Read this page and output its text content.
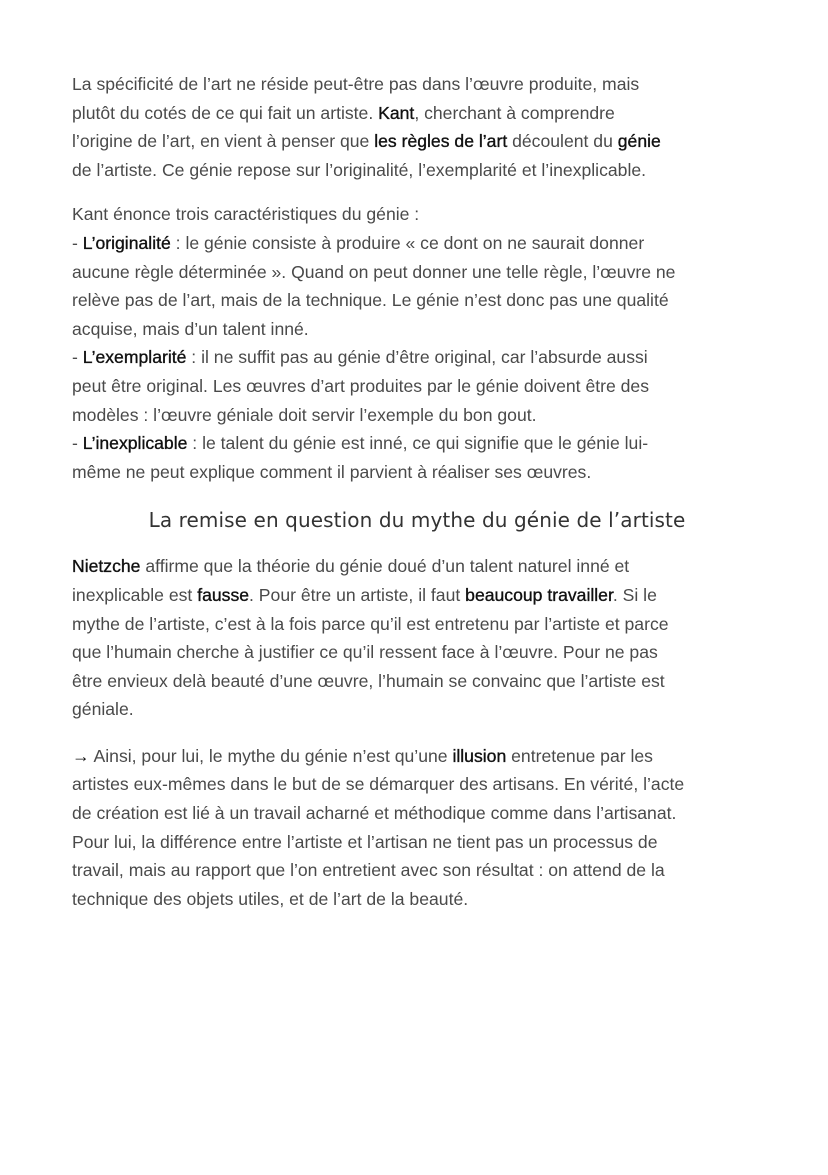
La spécificité de l’art ne réside peut-être pas dans l’œuvre produite, mais
plutôt du cotés de ce qui fait un artiste. Kant, cherchant à comprendre
l’origine de l’art, en vient à penser que les règles de l’art découlent du génie
de l’artiste. Ce génie repose sur l’originalité, l’exemplarité et l’inexplicable.

Kant énonce trois caractéristiques du génie :

- L’originalité : le génie consiste à produire « ce dont on ne saurait donner
aucune règle déterminée ». Quand on peut donner une telle règle, l’œuvre ne
relève pas de l’art, mais de la technique. Le génie n’est donc pas une qualité
acquise, mais d’un talent inné.

- L’exemplarité : il ne suffit pas au génie d’être original, car l’absurde aussi
peut être original. Les œuvres d’art produites par le génie doivent être des
modèles : l’œuvre géniale doit servir l’exemple du bon gout.

- L’inexplicable : le talent du génie est inné, ce qui signifie que le génie lui-
même ne peut explique comment il parvient à réaliser ses œuvres.

La remise en question du mythe du génie de l’artiste

Nietzche affirme que la théorie du génie doué d’un talent naturel inné et
inexplicable est fausse. Pour être un artiste, il faut beaucoup travailler. Si le
mythe de l’artiste, c’est à la fois parce qu’il est entretenu par l’artiste et parce
que l’humain cherche à justifier ce qu’il ressent face à l’œuvre. Pour ne pas
être envieux delà beauté d’une œuvre, l’humain se convainc que l’artiste est
géniale.

→ Ainsi, pour lui, le mythe du génie n’est qu’une illusion entretenue par les
artistes eux-mêmes dans le but de se démarquer des artisans. En vérité, l’acte
de création est lié à un travail acharné et méthodique comme dans l’artisanat.
Pour lui, la différence entre l’artiste et l’artisan ne tient pas un processus de
travail, mais au rapport que l’on entretient avec son résultat : on attend de la
technique des objets utiles, et de l’art de la beauté.
